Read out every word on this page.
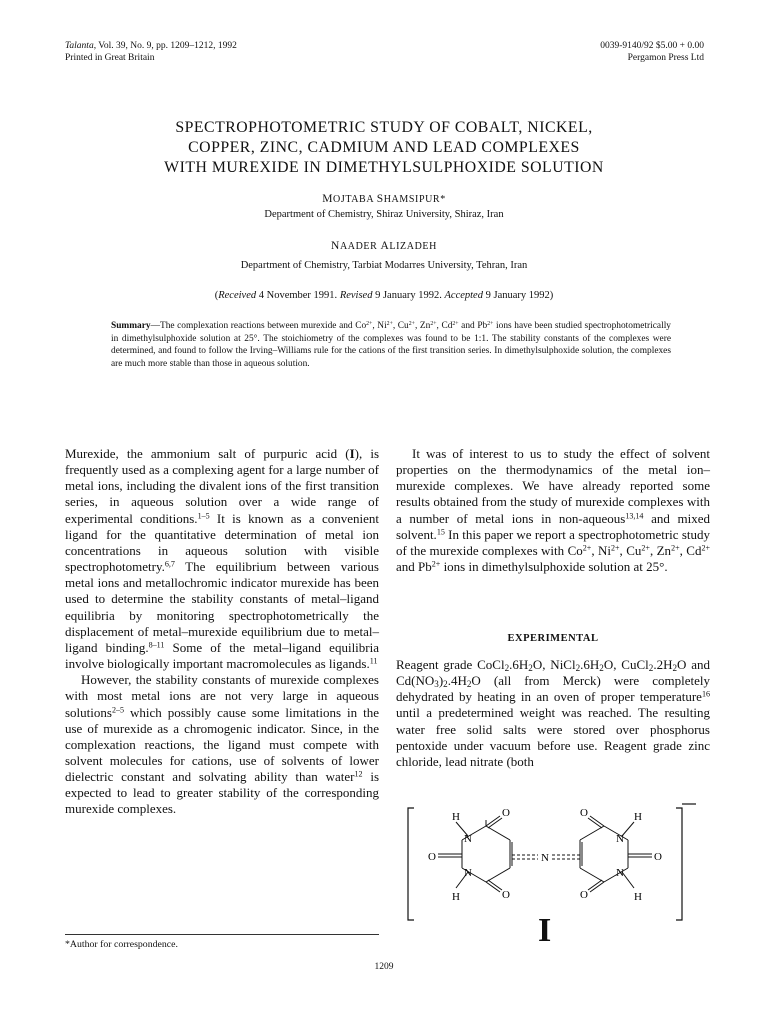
Talanta, Vol. 39, No. 9, pp. 1209–1212, 1992
Printed in Great Britain
0039-9140/92 $5.00 + 0.00
Pergamon Press Ltd
SPECTROPHOTOMETRIC STUDY OF COBALT, NICKEL,
COPPER, ZINC, CADMIUM AND LEAD COMPLEXES
WITH MUREXIDE IN DIMETHYLSULPHOXIDE SOLUTION
MOJTABA SHAMSIPUR*
Department of Chemistry, Shiraz University, Shiraz, Iran
NAADER ALIZADEH
Department of Chemistry, Tarbiat Modarres University, Tehran, Iran
(Received 4 November 1991. Revised 9 January 1992. Accepted 9 January 1992)
Summary—The complexation reactions between murexide and $Co^{2+}$, $Ni^{2+}$, $Cu^{2+}$, $Zn^{2+}$, $Cd^{2+}$ and $Pb^{2+}$ ions have been studied spectrophotometrically in dimethylsulphoxide solution at 25°. The stoichiometry of the complexes was found to be 1:1. The stability constants of the complexes were determined, and found to follow the Irving–Williams rule for the cations of the first transition series. In dimethylsulphoxide solution, the complexes are much more stable than those in aqueous solution.

Murexide, the ammonium salt of purpuric acid (I), is frequently used as a complexing agent for a large number of metal ions, including the divalent ions of the first transition series, in aqueous solution over a wide range of experimental conditions.$^{1-5}$ It is known as a convenient ligand for the quantitative determination of metal ion concentrations in aqueous solution with visible spectrophotometry.$^{6,7}$ The equilibrium between various metal ions and metallochromic indicator murexide has been used to determine the stability constants of metal–ligand equilibria by monitoring spectrophotometrically the displacement of metal–murexide equilibrium due to metal–ligand binding.$^{8-11}$ Some of the metal–ligand equilibria involve biologically important macromolecules as ligands.$^{11}$

However, the stability constants of murexide complexes with most metal ions are not very large in aqueous solutions$^{2-5}$ which possibly cause some limitations in the use of murexide as a chromogenic indicator. Since, in the complexation reactions, the ligand must compete with solvent molecules for cations, use of solvents of lower dielectric constant and solvating ability than water$^{12}$ is expected to lead to greater stability of the corresponding murexide complexes.

It was of interest to us to study the effect of solvent properties on the thermodynamics of the metal ion–murexide complexes. We have already reported some results obtained from the study of murexide complexes with a number of metal ions in non-aqueous$^{13,14}$ and mixed solvent.$^{15}$ In this paper we report a spectrophotometric study of the murexide complexes with $Co^{2+}$, $Ni^{2+}$, $Cu^{2+}$, $Zn^{2+}$, $Cd^{2+}$ and $Pb^{2+}$ ions in dimethylsulphoxide solution at 25°.

EXPERIMENTAL

Reagent grade $CoCl_2.6H_2O$, $NiCl_2.6H_2O$, $CuCl_2.2H_2O$ and $Cd(NO_3)_2.4H_2O$ (all from Merck) were completely dehydrated by heating in an oven of proper temperature$^{16}$ until a predetermined weight was reached. The resulting water free solid salts were stored over phosphorus pentoxide under vacuum before use. Reagent grade zinc chloride, lead nitrate (both

H
N
O
O
N
H	O
N
H
N
O
O
N
H
O
I
*Author for correspondence.
1209
